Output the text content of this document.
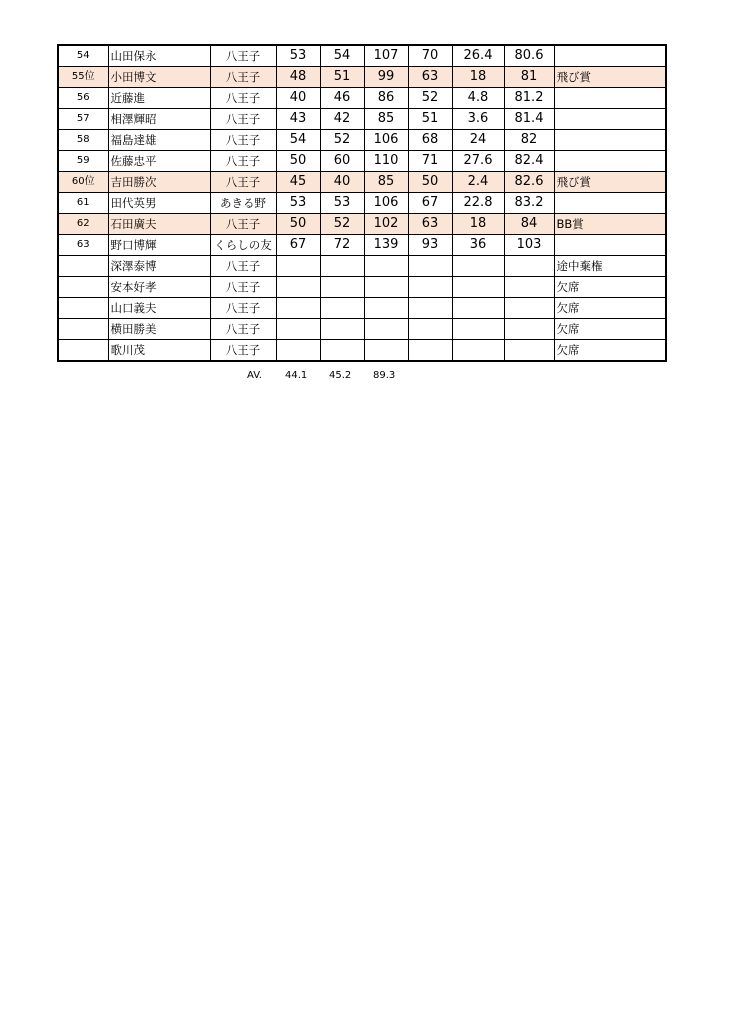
54	山田保永	八王子	53	54	107	70	26.4	80.6	
55位	小田博文	八王子	48	51	99	63	18	81	飛び賞
56	近藤進	八王子	40	46	86	52	4.8	81.2	
57	相澤輝昭	八王子	43	42	85	51	3.6	81.4	
58	福島達雄	八王子	54	52	106	68	24	82	
59	佐藤忠平	八王子	50	60	110	71	27.6	82.4	
60位	吉田勝次	八王子	45	40	85	50	2.4	82.6	飛び賞
61	田代英男	あきる野	53	53	106	67	22.8	83.2	
62	石田廣夫	八王子	50	52	102	63	18	84	BB賞
63	野口博輝	くらしの友	67	72	139	93	36	103	
	深澤泰博	八王子							途中棄権
	安本好孝	八王子							欠席
	山口義夫	八王子							欠席
	横田勝美	八王子							欠席
	歌川茂	八王子							欠席
AV. 44.1 45.2 89.3
